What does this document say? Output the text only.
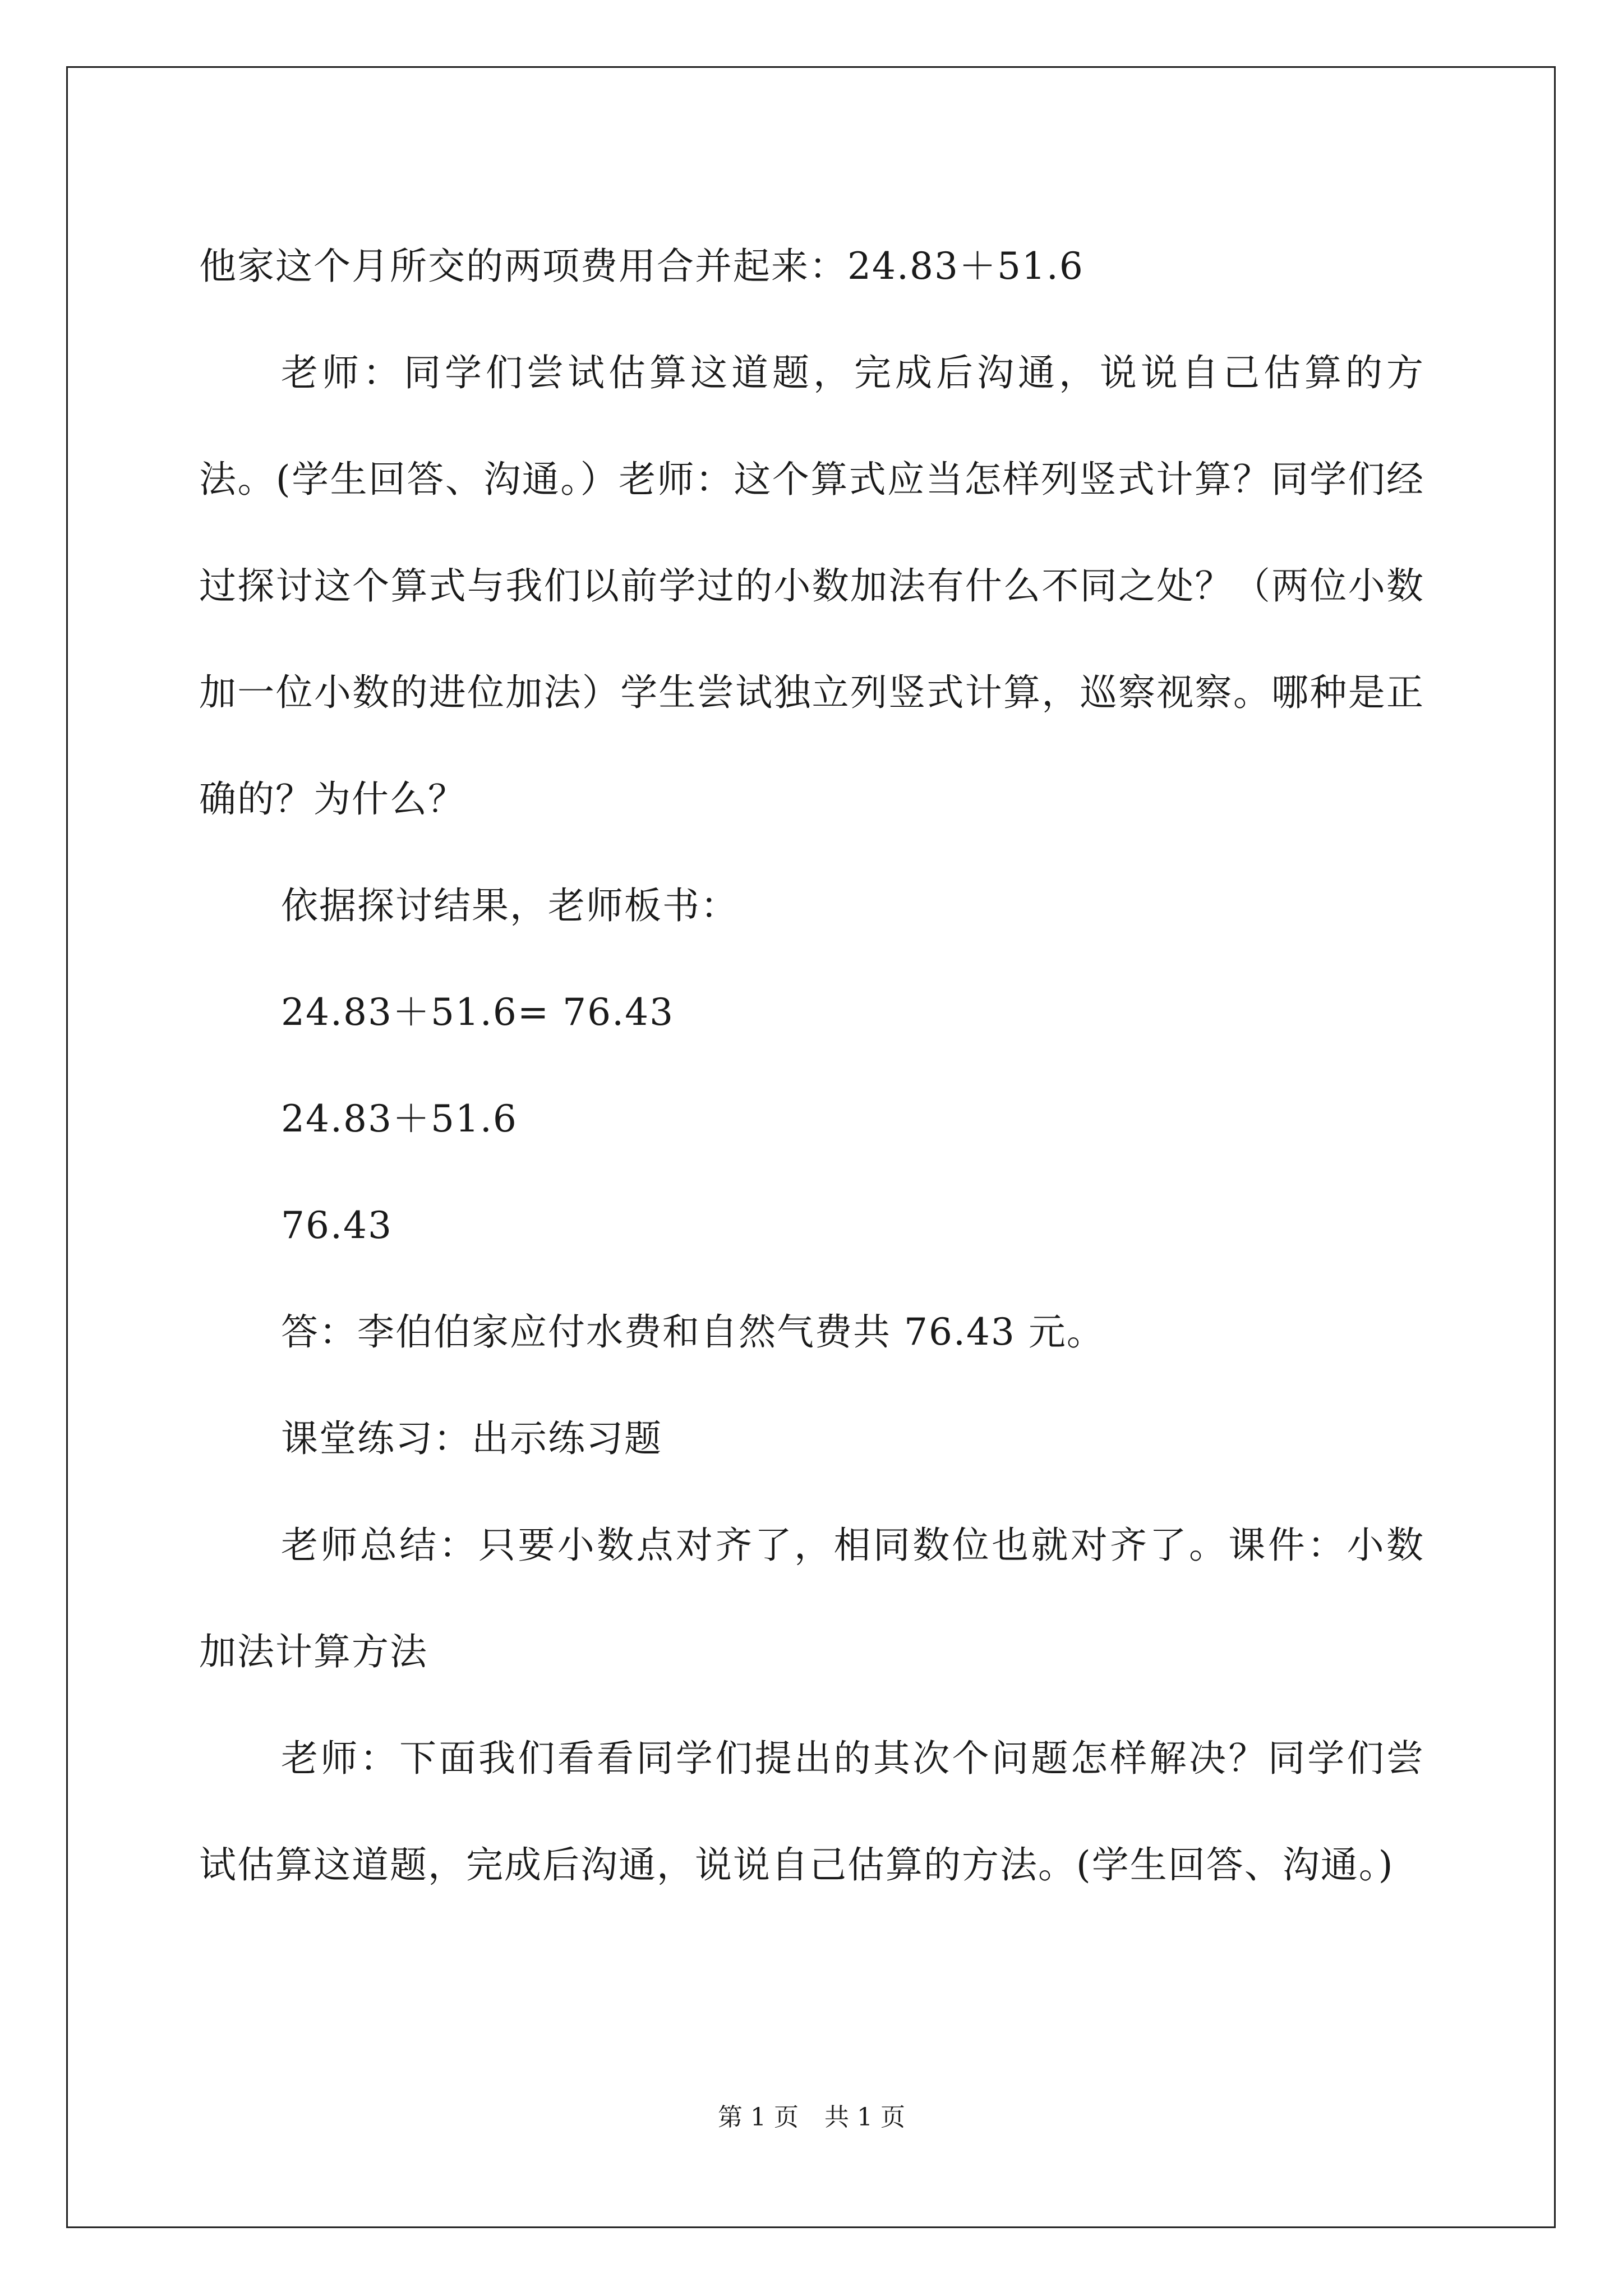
他家这个月所交的两项费用合并起来：24.83＋51.6

老师：同学们尝试估算这道题，完成后沟通，说说自己估算的方法。(学生回答、沟通。）老师：这个算式应当怎样列竖式计算？同学们经过探讨这个算式与我们以前学过的小数加法有什么不同之处？（两位小数加一位小数的进位加法）学生尝试独立列竖式计算，巡察视察。哪种是正确的？为什么？

依据探讨结果，老师板书：

24.83＋51.6= 76.43

24.83＋51.6

76.43

答：李伯伯家应付水费和自然气费共 76.43 元。

课堂练习：出示练习题

老师总结：只要小数点对齐了，相同数位也就对齐了。课件：小数加法计算方法

老师：下面我们看看同学们提出的其次个问题怎样解决？同学们尝试估算这道题，完成后沟通，说说自己估算的方法。(学生回答、沟通。)

第 1 页 共 1 页
